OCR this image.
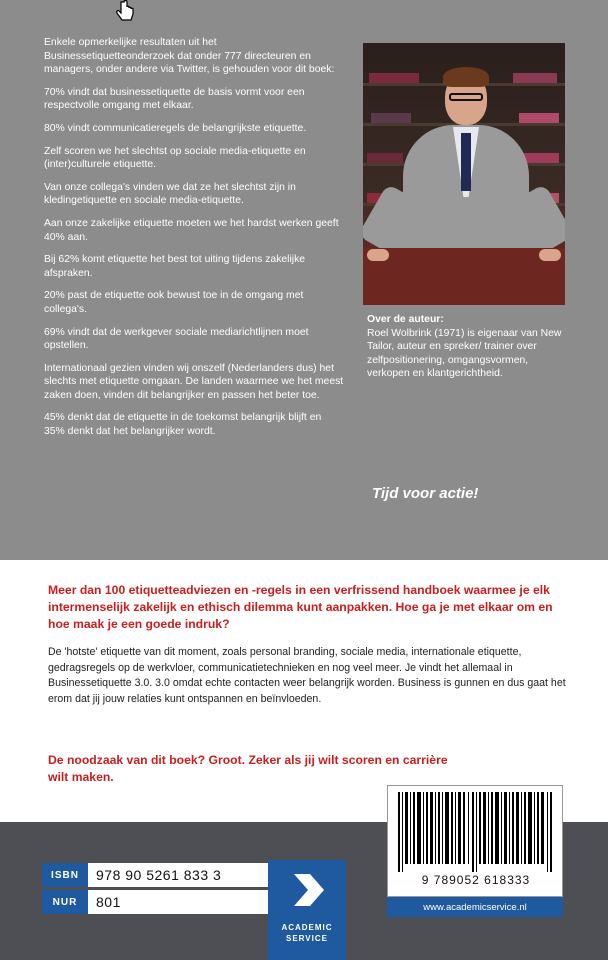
Enkele opmerkelijke resultaten uit het Businessetiquetteonderzoek dat onder 777 directeuren en managers, onder andere via Twitter, is gehouden voor dit boek:

70% vindt dat businessetiquette de basis vormt voor een respectvolle omgang met elkaar.

80% vindt communicatieregels de belangrijkste etiquette.

Zelf scoren we het slechtst op sociale media-etiquette en (inter)culturele etiquette.

Van onze collega's vinden we dat ze het slechtst zijn in kledingetiquette en sociale media-etiquette.

Aan onze zakelijke etiquette moeten we het hardst werken geeft 40% aan.

Bij 62% komt etiquette het best tot uiting tijdens zakelijke afspraken.

20% past de etiquette ook bewust toe in de omgang met collega's.

69% vindt dat de werkgever sociale mediarichtlijnen moet opstellen.

Internationaal gezien vinden wij onszelf (Nederlanders dus) het slechts met etiquette omgaan. De landen waarmee we het meest zaken doen, vinden dit belangrijker en passen het beter toe.

45% denkt dat de etiquette in de toekomst belangrijk blijft en 35% denkt dat het belangrijker wordt.

Over de auteur:
Roel Wolbrink (1971) is eigenaar van New Tailor, auteur en spreker/ trainer over zelfpositionering, omgangsvormen, verkopen en klantgerichtheid.
Tijd voor actie!
Meer dan 100 etiquetteadviezen en -regels in een verfrissend handboek waarmee je elk intermenselijk zakelijk en ethisch dilemma kunt aanpakken. Hoe ga je met elkaar om en hoe maak je een goede indruk?
De 'hotste' etiquette van dit moment, zoals personal branding, sociale media, internationale etiquette, gedragsregels op de werkvloer, communicatietechnieken en nog veel meer. Je vindt het allemaal in Businessetiquette 3.0. 3.0 omdat echte contacten weer belangrijk worden. Business is gunnen en dus gaat het erom dat jij jouw relaties kunt ontspannen en beïnvloeden.
De noodzaak van dit boek? Groot. Zeker als jij wilt scoren en carrière wilt maken.
ISBN	978 90 5261 833 3
NUR	801
ACADEMIC
SERVICE
9 789052 618333
www.academicservice.nl
